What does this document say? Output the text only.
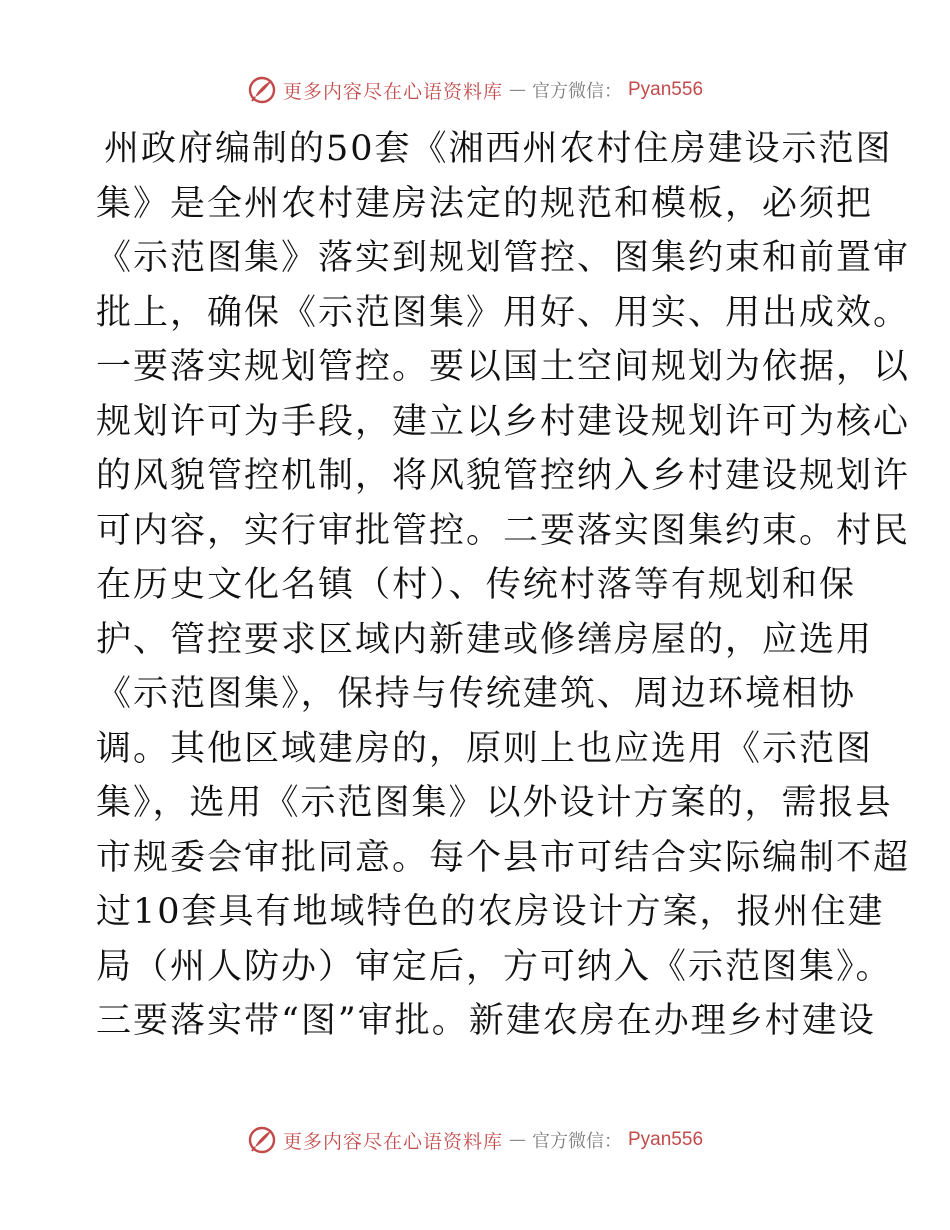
更多内容尽在心语资料库 — 官方微信： Pyan556
州政府编制的50套《湘西州农村住房建设示范图
集》是全州农村建房法定的规范和模板，必须把
《示范图集》落实到规划管控、图集约束和前置审
批上，确保《示范图集》用好、用实、用出成效。
一要落实规划管控。要以国土空间规划为依据，以
规划许可为手段，建立以乡村建设规划许可为核心
的风貌管控机制，将风貌管控纳入乡村建设规划许
可内容，实行审批管控。二要落实图集约束。村民
在历史文化名镇（村）、传统村落等有规划和保
护、管控要求区域内新建或修缮房屋的，应选用
《示范图集》，保持与传统建筑、周边环境相协
调。其他区域建房的，原则上也应选用《示范图
集》，选用《示范图集》以外设计方案的，需报县
市规委会审批同意。每个县市可结合实际编制不超
过10套具有地域特色的农房设计方案，报州住建
局（州人防办）审定后，方可纳入《示范图集》。
三要落实带“图”审批。新建农房在办理乡村建设
更多内容尽在心语资料库 — 官方微信： Pyan556
